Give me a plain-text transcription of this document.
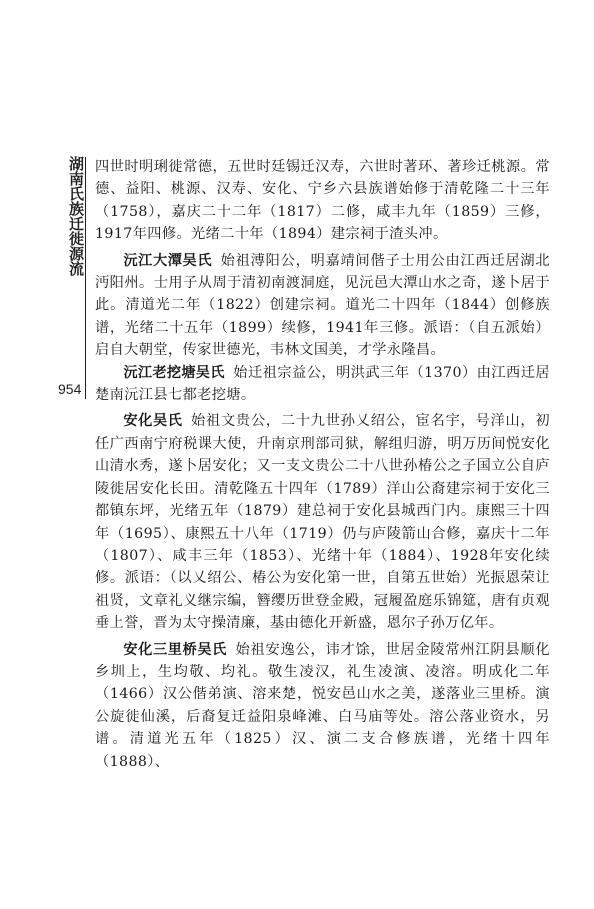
湖南氏族迁徙源流
954

四世时明琍徙常德，五世时廷锡迁汉寿，六世时著环、著珍迁桃源。常德、益阳、桃源、汉寿、安化、宁乡六县族谱始修于清乾隆二十三年（1758），嘉庆二十二年（1817）二修，咸丰九年（1859）三修，1917年四修。光绪二十年（1894）建宗祠于渣头冲。

沅江大潭吴氏 始祖溥阳公，明嘉靖间偕子士用公由江西迁居湖北沔阳州。士用子从周于清初南渡洞庭，见沅邑大潭山水之奇，遂卜居于此。清道光二年（1822）创建宗祠。道光二十四年（1844）创修族谱，光绪二十五年（1899）续修，1941年三修。派语：（自五派始）启自大朝堂，传家世德光，韦林文国美，才学永隆昌。

沅江老挖塘吴氏 始迁祖宗益公，明洪武三年（1370）由江西迁居楚南沅江县七都老挖塘。

安化吴氏 始祖文贵公，二十九世孙乂绍公，宦名宇，号洋山，初任广西南宁府税课大使，升南京刑部司狱，解组归游，明万历间悦安化山清水秀，遂卜居安化；又一支文贵公二十八世孙椿公之子国立公自庐陵徙居安化长田。清乾隆五十四年（1789）洋山公裔建宗祠于安化三都镇东坪，光绪五年（1879）建总祠于安化县城西门内。康熙三十四年（1695）、康熙五十八年（1719）仍与庐陵箭山合修，嘉庆十二年（1807）、咸丰三年（1853）、光绪十年（1884）、1928年安化续修。派语：（以乂绍公、椿公为安化第一世，自第五世始）光振恩荣让祖贤，文章礼义继宗编，簪缨历世登金殿，冠履盈庭乐锦筵，唐有贞观垂上誉，晋为太守操清廉，基由德化开新盛，恩尔子孙万亿年。

安化三里桥吴氏 始祖安逸公，讳才馀，世居金陵常州江阴县顺化乡圳上，生均敬、均礼。敬生凌汉，礼生凌演、凌溶。明成化二年（1466）汉公偕弟演、溶来楚，悦安邑山水之美，遂落业三里桥。演公旋徙仙溪，后裔复迁益阳泉峰滩、白马庙等处。溶公落业资水，另谱。清道光五年（1825）汉、演二支合修族谱，光绪十四年（1888）、
